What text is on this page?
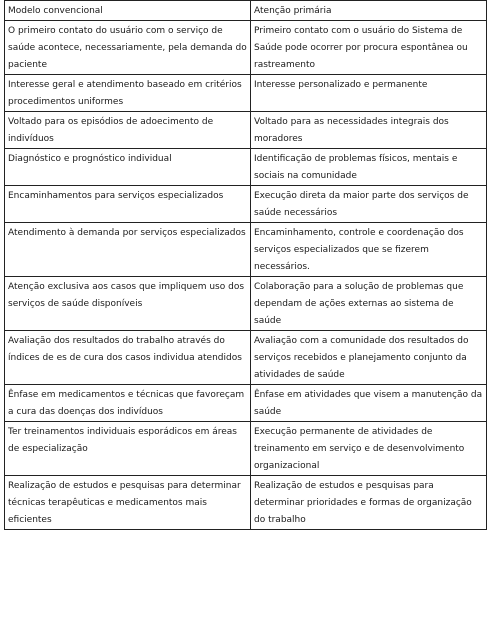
Modelo convencional	Atenção primária
O primeiro contato do usuário com o serviço de saúde acontece, necessariamente, pela demanda do paciente	Primeiro contato com o usuário do Sistema de Saúde pode ocorrer por procura espontânea ou rastreamento
Interesse geral e atendimento baseado em critérios procedimentos uniformes	Interesse personalizado e permanente
Voltado para os episódios de adoecimento de indivíduos	Voltado para as necessidades integrais dos moradores
Diagnóstico e prognóstico individual	Identificação de problemas físicos, mentais e sociais na comunidade
Encaminhamentos para serviços especializados	Execução direta da maior parte dos serviços de saúde necessários
Atendimento à demanda por serviços especializados	Encaminhamento, controle e coordenação dos serviços especializados que se fizerem necessários.
Atenção exclusiva aos casos que impliquem uso dos serviços de saúde disponíveis	Colaboração para a solução de problemas que dependam de ações externas ao sistema de saúde
Avaliação dos resultados do trabalho através do índices de es de cura dos casos individua atendidos	Avaliação com a comunidade dos resultados do serviços recebidos e planejamento conjunto da atividades de saúde
Ênfase em medicamentos e técnicas que favoreçam a cura das doenças dos indivíduos	Ênfase em atividades que visem a manutenção da saúde
Ter treinamentos individuais esporádicos em áreas de especialização	Execução permanente de atividades de treinamento em serviço e de desenvolvimento organizacional
Realização de estudos e pesquisas para determinar técnicas terapêuticas e medicamentos mais eficientes	Realização de estudos e pesquisas para determinar prioridades e formas de organização do trabalho
